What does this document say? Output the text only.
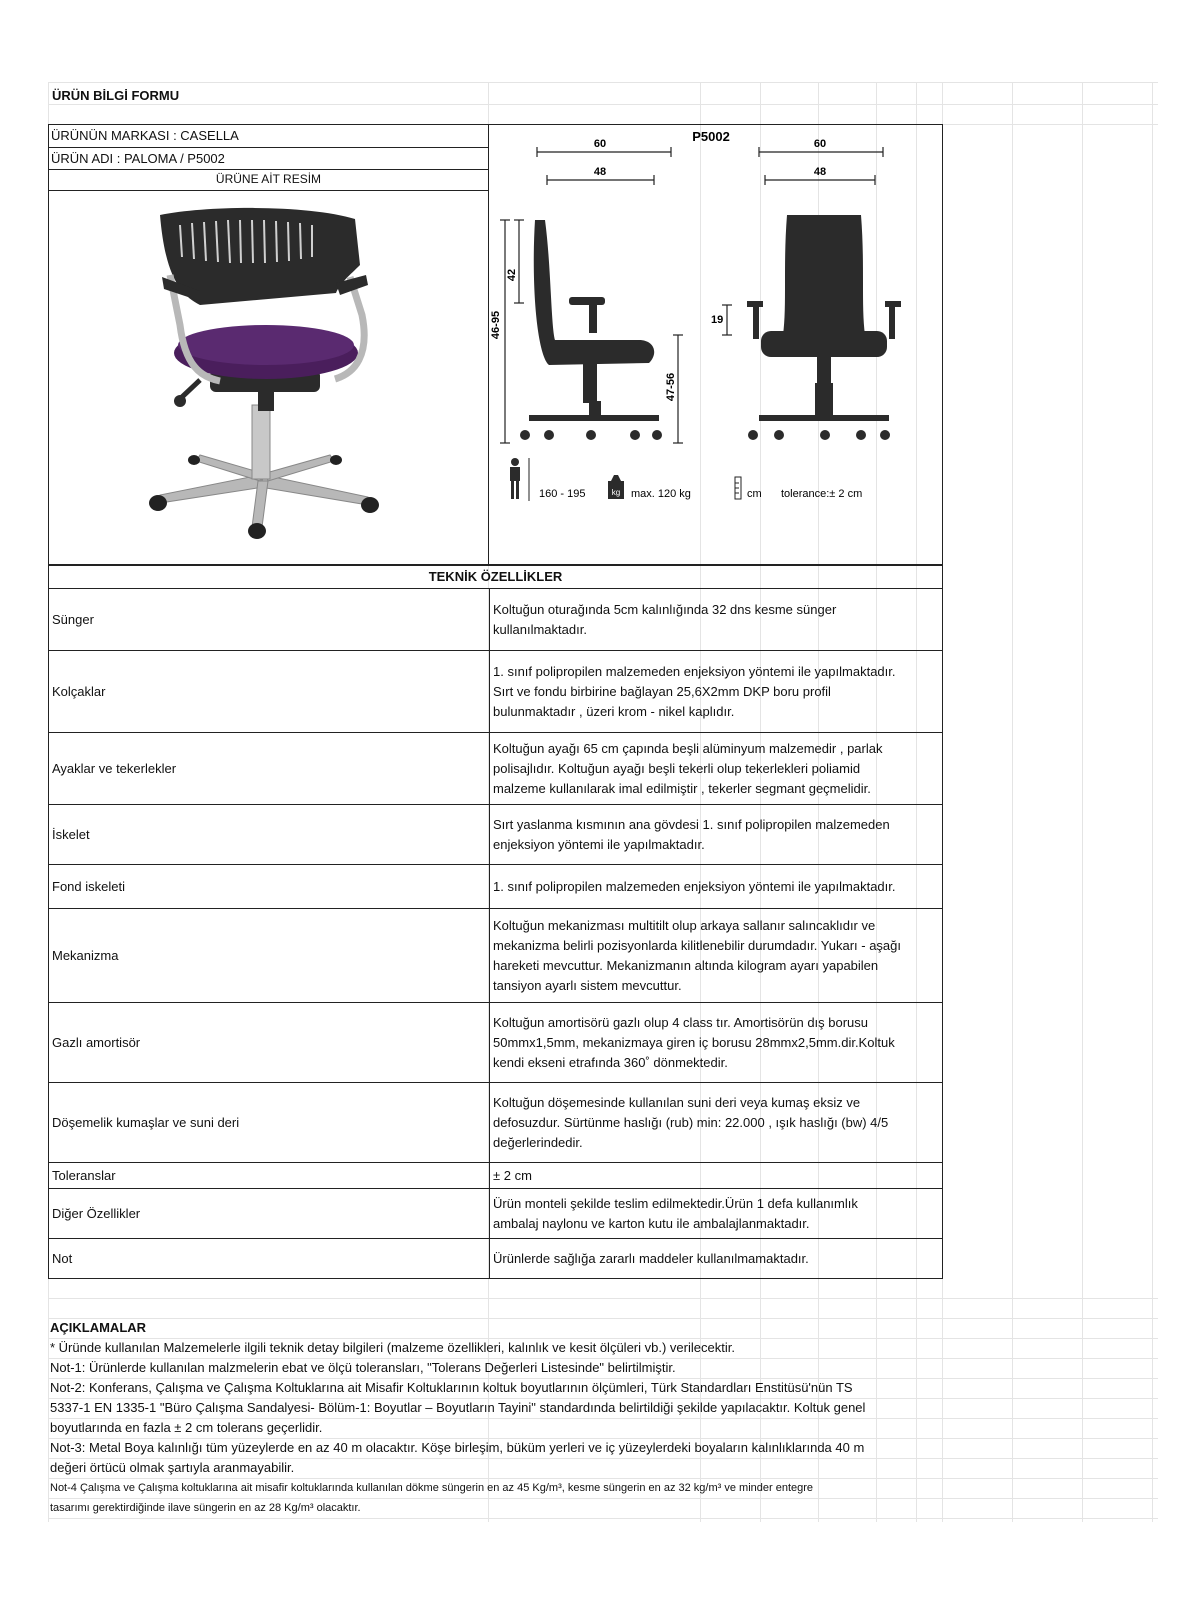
ÜRÜN BİLGİ FORMU
ÜRÜNÜN MARKASI : CASELLA
ÜRÜN ADI : PALOMA / P5002
ÜRÜNE AİT RESİM
P5002
60
48
60
48
46-95
42
47-56
19
160 - 195	kg max. 120 kg	cm tolerance:± 2 cm
TEKNİK ÖZELLİKLER	
Sünger	Koltuğun oturağında 5cm kalınlığında 32 dns kesme sünger
kullanılmaktadır.

Kolçaklar	1. sınıf polipropilen malzemeden enjeksiyon yöntemi ile yapılmaktadır.
Sırt ve fondu birbirine bağlayan 25,6X2mm DKP boru profil
bulunmaktadır , üzeri krom - nikel kaplıdır.

Ayaklar ve tekerlekler	Koltuğun ayağı 65 cm çapında beşli alüminyum malzemedir , parlak
polisajlıdır. Koltuğun ayağı beşli tekerli olup tekerlekleri poliamid
malzeme kullanılarak imal edilmiştir , tekerler segmant geçmelidir.

İskelet	Sırt yaslanma kısmının ana gövdesi 1. sınıf polipropilen malzemeden
enjeksiyon yöntemi ile yapılmaktadır.

Fond iskeleti	1. sınıf polipropilen malzemeden enjeksiyon yöntemi ile yapılmaktadır.

Mekanizma	Koltuğun mekanizması multitilt olup arkaya sallanır salıncaklıdır ve
mekanizma belirli pozisyonlarda kilitlenebilir durumdadır. Yukarı - aşağı
hareketi mevcuttur. Mekanizmanın altında kilogram ayarı yapabilen
tansiyon ayarlı sistem mevcuttur.

Gazlı amortisör	Koltuğun amortisörü gazlı olup 4 class tır. Amortisörün dış borusu
50mmx1,5mm, mekanizmaya giren iç borusu 28mmx2,5mm.dir.Koltuk
kendi ekseni etrafında 360˚ dönmektedir.

Döşemelik kumaşlar ve suni deri	Koltuğun döşemesinde kullanılan suni deri veya kumaş eksiz ve
defosuzdur. Sürtünme haslığı (rub) min: 22.000 , ışık haslığı (bw) 4/5
değerlerindedir.

Toleranslar	± 2 cm

Diğer Özellikler	Ürün monteli şekilde teslim edilmektedir.Ürün 1 defa kullanımlık
ambalaj naylonu ve karton kutu ile ambalajlanmaktadır.

Not	Ürünlerde sağlığa zararlı maddeler kullanılmamaktadır.
AÇIKLAMALAR
* Üründe kullanılan Malzemelerle ilgili teknik detay bilgileri (malzeme özellikleri, kalınlık ve kesit ölçüleri vb.) verilecektir.
Not-1: Ürünlerde kullanılan malzmelerin ebat ve ölçü toleransları, "Tolerans Değerleri Listesinde" belirtilmiştir.
Not-2: Konferans, Çalışma ve Çalışma Koltuklarına ait Misafir Koltuklarının koltuk boyutlarının ölçümleri, Türk Standardları Enstitüsü'nün TS
5337-1 EN 1335-1 "Büro Çalışma Sandalyesi- Bölüm-1: Boyutlar – Boyutların Tayini" standardında belirtildiği şekilde yapılacaktır. Koltuk genel
boyutlarında en fazla ± 2 cm tolerans geçerlidir.
Not-3: Metal Boya kalınlığı tüm yüzeylerde en az 40 m olacaktır. Köşe birleşim, büküm yerleri ve iç yüzeylerdeki boyaların kalınlıklarında 40 m
değeri örtücü olmak şartıyla aranmayabilir.
Not-4 Çalışma ve Çalışma koltuklarına ait misafir koltuklarında kullanılan dökme süngerin en az 45 Kg/m³, kesme süngerin en az 32 kg/m³ ve minder entegre
tasarımı gerektirdiğinde ilave süngerin en az 28 Kg/m³ olacaktır.
